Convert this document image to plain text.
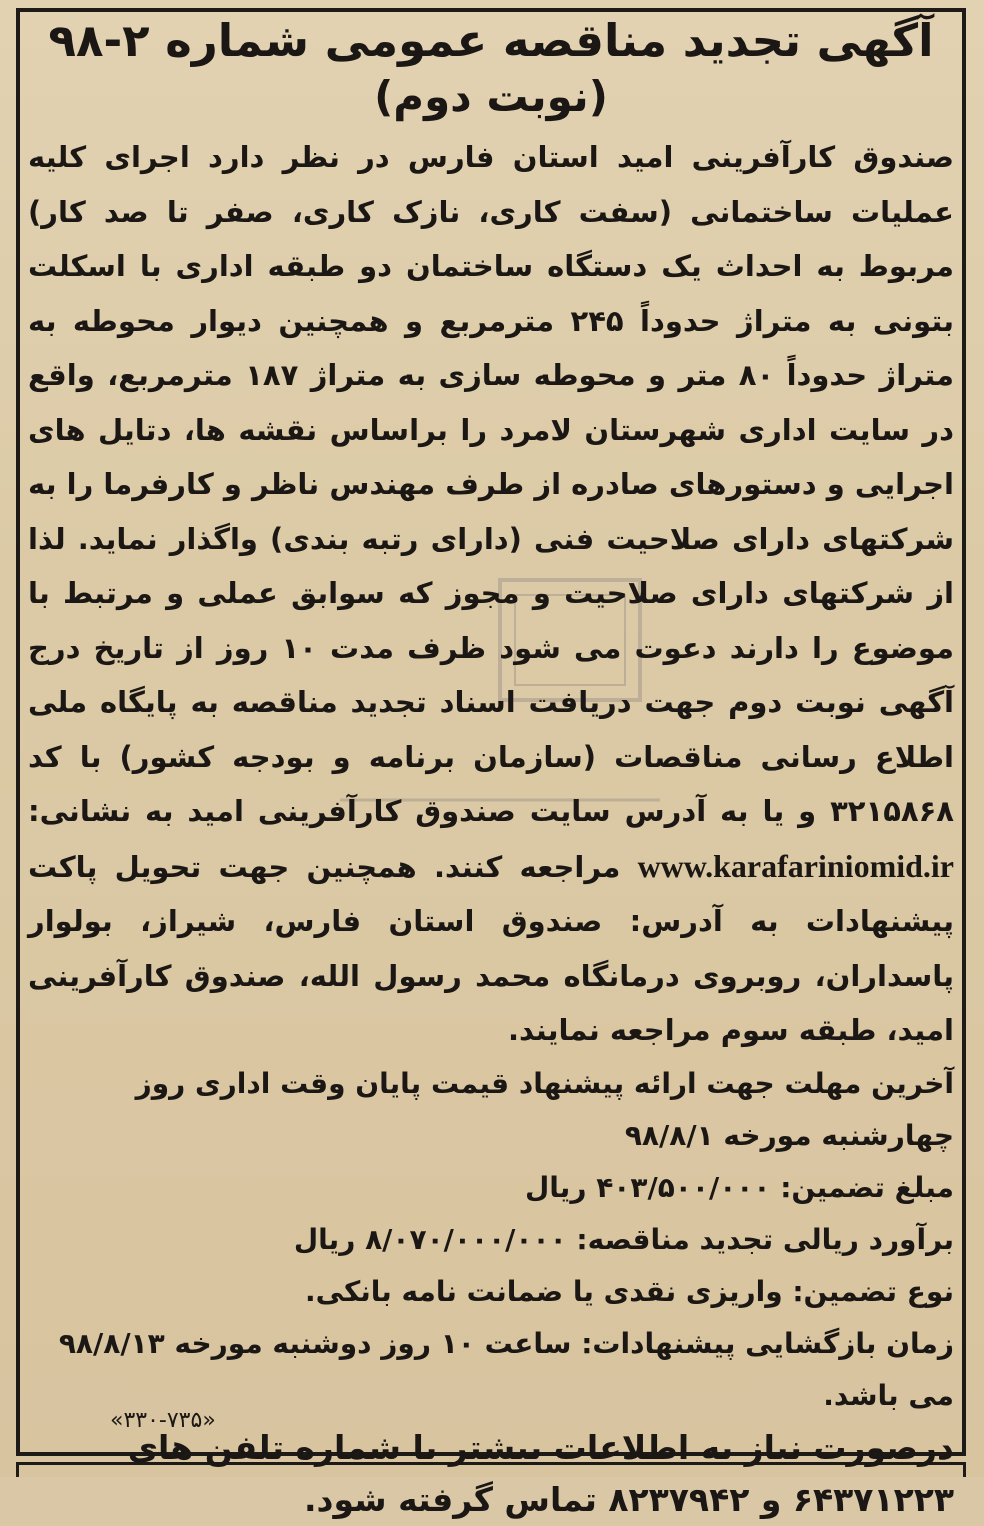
آگهی تجدید مناقصه عمومی شماره ۲-۹۸
(نوبت دوم)

صندوق کارآفرینی امید استان فارس در نظر دارد اجرای کلیه عملیات ساختمانی (سفت کاری، نازک کاری، صفر تا صد کار) مربوط به احداث یک دستگاه ساختمان دو طبقه اداری با اسکلت بتونی به متراژ حدوداً ۲۴۵ مترمربع و همچنین دیوار محوطه به متراژ حدوداً ۸۰ متر و محوطه سازی به متراژ ۱۸۷ مترمربع، واقع در سایت اداری شهرستان لامرد را براساس نقشه ها، دتایل های اجرایی و دستورهای صادره از طرف مهندس ناظر و کارفرما را به شرکتهای دارای صلاحیت فنی (دارای رتبه بندی) واگذار نماید. لذا از شرکتهای دارای صلاحیت و مجوز که سوابق عملی و مرتبط با موضوع را دارند دعوت می شود ظرف مدت ۱۰ روز از تاریخ درج آگهی نوبت دوم جهت دریافت اسناد تجدید مناقصه به پایگاه ملی اطلاع رسانی مناقصات (سازمان برنامه و بودجه کشور) با کد ۳۲۱۵۸۶۸ و یا به آدرس سایت صندوق کارآفرینی امید به نشانی: www.karafariniomid.ir مراجعه کنند. همچنین جهت تحویل پاکت پیشنهادات به آدرس: صندوق استان فارس، شیراز، بولوار پاسداران، روبروی درمانگاه محمد رسول الله، صندوق کارآفرینی امید، طبقه سوم مراجعه نمایند.

آخرین مهلت جهت ارائه پیشنهاد قیمت پایان وقت اداری روز چهارشنبه مورخه ۹۸/۸/۱

مبلغ تضمین: ۴۰۳/۵۰۰/۰۰۰ ریال

برآورد ریالی تجدید مناقصه: ۸/۰۷۰/۰۰۰/۰۰۰ ریال

نوع تضمین: واریزی نقدی یا ضمانت نامه بانکی.

زمان بازگشایی پیشنهادات: ساعت ۱۰ روز دوشنبه مورخه ۹۸/۸/۱۳ می باشد.

درصورت نیاز به اطلاعات بیشتر با شماره تلفن های ۶۴۳۷۱۲۲۳ و ۸۲۳۷۹۴۲ تماس گرفته شود.

«۳۳۰-۷۳۵»
